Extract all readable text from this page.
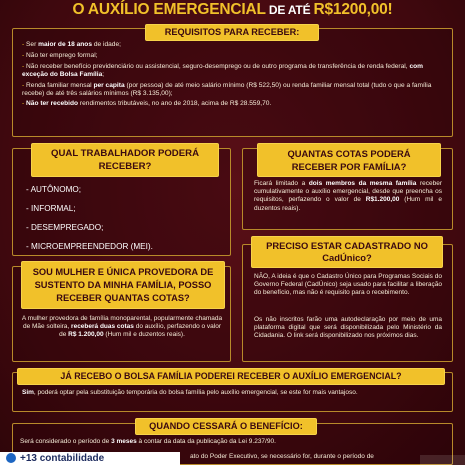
O AUXÍLIO EMERGENCIAL DE ATÉ R$1200,00!
REQUISITOS PARA RECEBER:
- Ser maior de 18 anos de idade;
- Não ter emprego formal;
- Não receber benefício previdenciário ou assistencial, seguro-desemprego ou de outro programa de transferência de renda federal, com exceção do Bolsa Família;
- Renda familiar mensal per capita (por pessoa) de até meio salário mínimo (R$ 522,50) ou renda familiar mensal total (tudo o que a família recebe) de até três salários mínimos (R$ 3.135,00);
- Não ter recebido rendimentos tributáveis, no ano de 2018, acima de R$ 28.559,70.
QUAL TRABALHADOR PODERÁ RECEBER?
- AUTÔNOMO;
- INFORMAL;
- DESEMPREGADO;
- MICROEMPREENDEDOR (MEI).
QUANTAS COTAS PODERÁ RECEBER POR FAMÍLIA?
Ficará limitado a dois membros da mesma família receber cumulativamente o auxílio emergencial, desde que preencha os requisitos, perfazendo o valor de R$1.200,00 (Hum mil e duzentos reais).
PRECISO ESTAR CADASTRADO NO CadÚnico?
NÃO, A ideia é que o Cadastro Único para Programas Sociais do Governo Federal (CadÚnico) seja usado para facilitar a liberação do benefício, mas não é requisito para o recebimento.
Os não inscritos farão uma autodeclaração por meio de uma plataforma digital que será disponibilizada pelo Ministério da Cidadania. O link será disponibilizado nos próximos dias.
SOU MULHER E ÚNICA PROVEDORA DE SUSTENTO DA MINHA FAMÍLIA, POSSO RECEBER QUANTAS COTAS?
A mulher provedora de família monoparental, popularmente chamada de Mãe solteira, receberá duas cotas do auxílio, perfazendo o valor de R$ 1.200,00 (Hum mil e duzentos reais).
JÁ RECEBO O BOLSA FAMÍLIA PODEREI RECEBER O AUXÍLIO EMERGENCIAL?
Sim, poderá optar pela substituição temporária do bolsa família pelo auxílio emergencial, se este for mais vantajoso.
QUANDO CESSARÁ O BENEFÍCIO:
Será considerado o período de 3 meses à contar da data da publicação da Lei 9.237/90.
ato do Poder Executivo, se necessário for, durante o período de
+13 contabilidade
